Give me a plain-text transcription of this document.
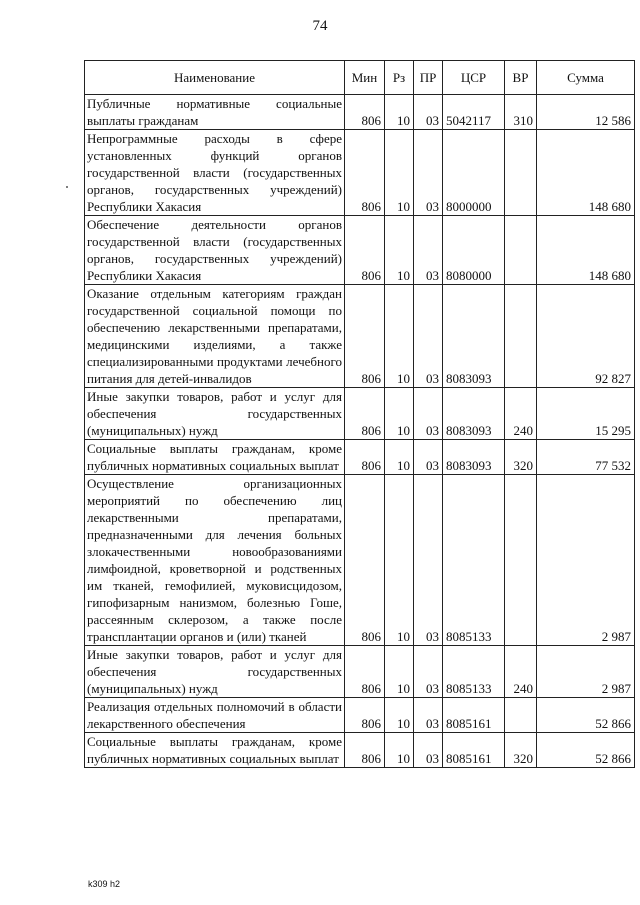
74
Наименование	Мин	Рз	ПР	ЦСР	ВР	Сумма
Публичные нормативные социальные выплаты гражданам	806	10	03	5042117	310	12 586
Непрограммные расходы в сфере установленных функций органов государственной власти (государственных органов, государственных учреждений) Республики Хакасия	806	10	03	8000000		148 680
Обеспечение деятельности органов государственной власти (государственных органов, государственных учреждений) Республики Хакасия	806	10	03	8080000		148 680
Оказание отдельным категориям граждан государственной социальной помощи по обеспечению лекарственными препаратами, медицинскими изделиями, а также специализированными продуктами лечебного питания для детей-инвалидов	806	10	03	8083093		92 827
Иные закупки товаров, работ и услуг для обеспечения государственных (муниципальных) нужд	806	10	03	8083093	240	15 295
Социальные выплаты гражданам, кроме публичных нормативных социальных выплат	806	10	03	8083093	320	77 532
Осуществление организационных мероприятий по обеспечению лиц лекарственными препаратами, предназначенными для лечения больных злокачественными новообразованиями лимфоидной, кроветворной и родственных им тканей, гемофилией, муковисцидозом, гипофизарным нанизмом, болезнью Гоше, рассеянным склерозом, а также после трансплантации органов и (или) тканей	806	10	03	8085133		2 987
Иные закупки товаров, работ и услуг для обеспечения государственных (муниципальных) нужд	806	10	03	8085133	240	2 987
Реализация отдельных полномочий в области лекарственного обеспечения	806	10	03	8085161		52 866
Социальные выплаты гражданам, кроме публичных нормативных социальных выплат	806	10	03	8085161	320	52 866
k309 h2
